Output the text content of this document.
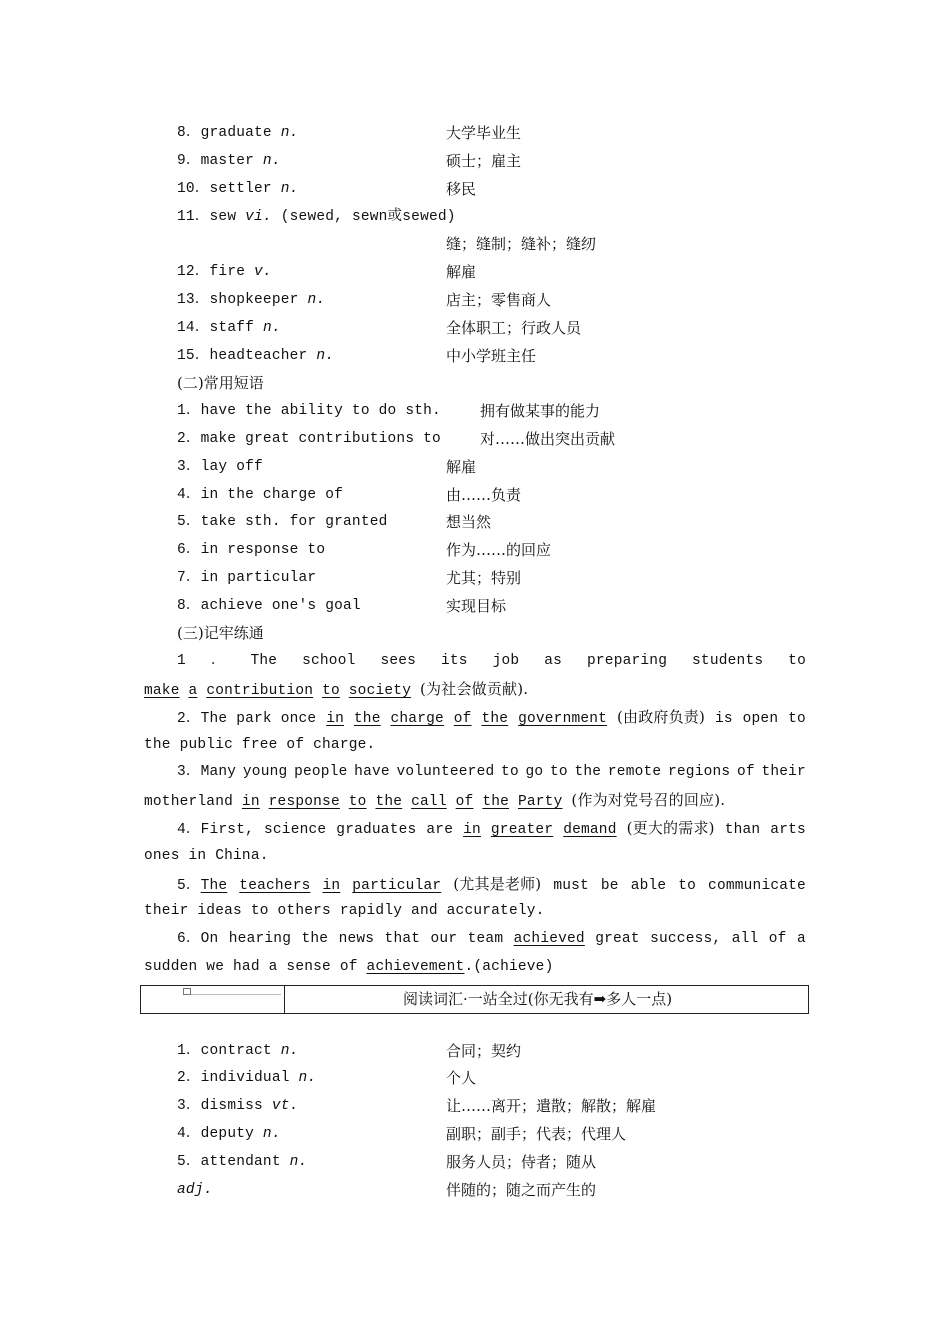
8．graduate n.	大学毕业生
9．master n.	硕士；雇主
10．settler n.	移民
11．sew vi. (sewed, sewn或sewed)
缝；缝制；缝补；缝纫
12．fire v.	解雇
13．shopkeeper n.	店主；零售商人
14．staff n.	全体职工；行政人员
15．headteacher n.	中小学班主任
(二)常用短语
1．have the ability to do sth.	拥有做某事的能力
2．make great contributions to	对……做出突出贡献
3．lay off	解雇
4．in the charge of	由……负责
5．take sth. for granted	想当然
6．in response to	作为……的回应
7．in particular	尤其；特别
8．achieve one's goal	实现目标
(三)记牢练通
1 ． The school sees its job as preparing students to
make a contribution to society (为社会做贡献).
2．The park once in the charge of the government (由政府负责) is open to
the public free of charge.
3．Many young people have volunteered to go to the remote regions of their
motherland in response to the call of the Party (作为对党号召的回应).
4．First, science graduates are in greater demand (更大的需求) than arts
ones in China.
5．The teachers in particular (尤其是老师) must be able to communicate
their ideas to others rapidly and accurately.
6．On hearing the news that our team achieved great success, all of a
sudden we had a sense of achievement.(achieve)
阅读词汇·一站全过(你无我有➡多人一点)
1．contract n.	合同；契约
2．individual n.	个人
3．dismiss vt.	让……离开；遣散；解散；解雇
4．deputy n.	副职；副手；代表；代理人
5．attendant n.	服务人员；侍者；随从
adj.	伴随的；随之而产生的
